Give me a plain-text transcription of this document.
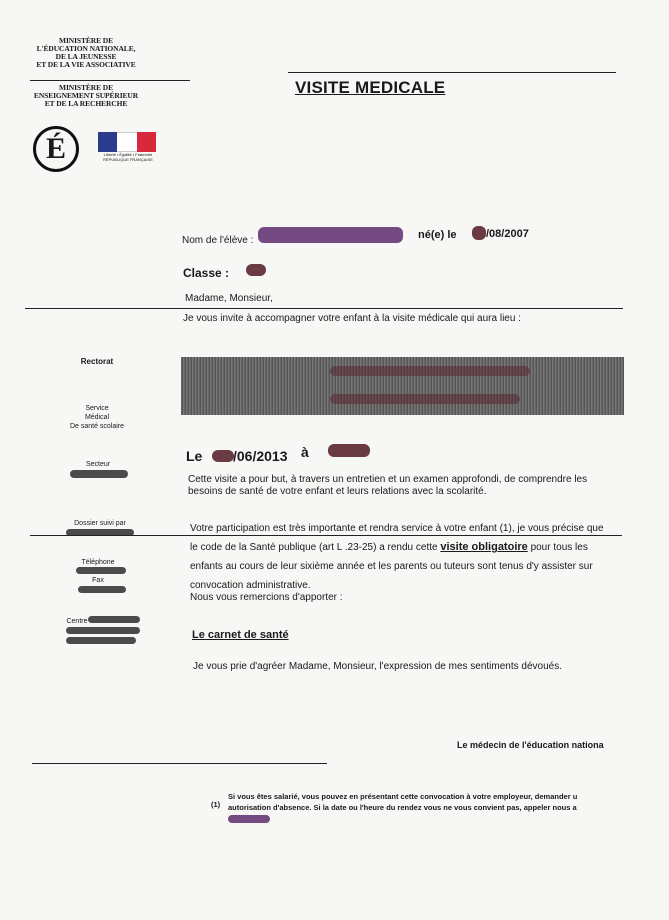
MINISTÈRE DE
L'ÉDUCATION NATIONALE,
DE LA JEUNESSE
ET DE LA VIE ASSOCIATIVE
MINISTÈRE DE
ENSEIGNEMENT SUPÉRIEUR
ET DE LA RECHERCHE
É	Liberté • Égalité • Fraternité
RÉPUBLIQUE FRANÇAISE
VISITE MEDICALE
Nom de l'élève :	né(e) le	/08/2007
Classe :
Madame, Monsieur,
Je vous invite à accompagner votre enfant à la visite médicale qui aura lieu :
Rectorat
Service
Médical
De santé scolaire
Secteur
Dossier suivi par
Téléphone
Fax
Centre
Le /06/2013 à
Cette visite a pour but, à travers un entretien et un examen approfondi, de comprendre les
besoins de santé de votre enfant et leurs relations avec la scolarité.
Votre participation est très importante et rendra service à votre enfant (1), je vous précise que
le code de la Santé publique (art L .23-25) a rendu cette visite obligatoire pour tous les
enfants au cours de leur sixième année et les parents ou tuteurs sont tenus d'y assister sur
convocation administrative.
Nous vous remercions d'apporter :
Le carnet de santé
Je vous prie d'agréer Madame, Monsieur, l'expression de mes sentiments dévoués.
Le médecin de l'éducation nationa
(1)
Si vous êtes salarié, vous pouvez en présentant cette convocation à votre employeur, demander u
autorisation d'absence. Si la date ou l'heure du rendez vous ne vous convient pas, appeler nous a
